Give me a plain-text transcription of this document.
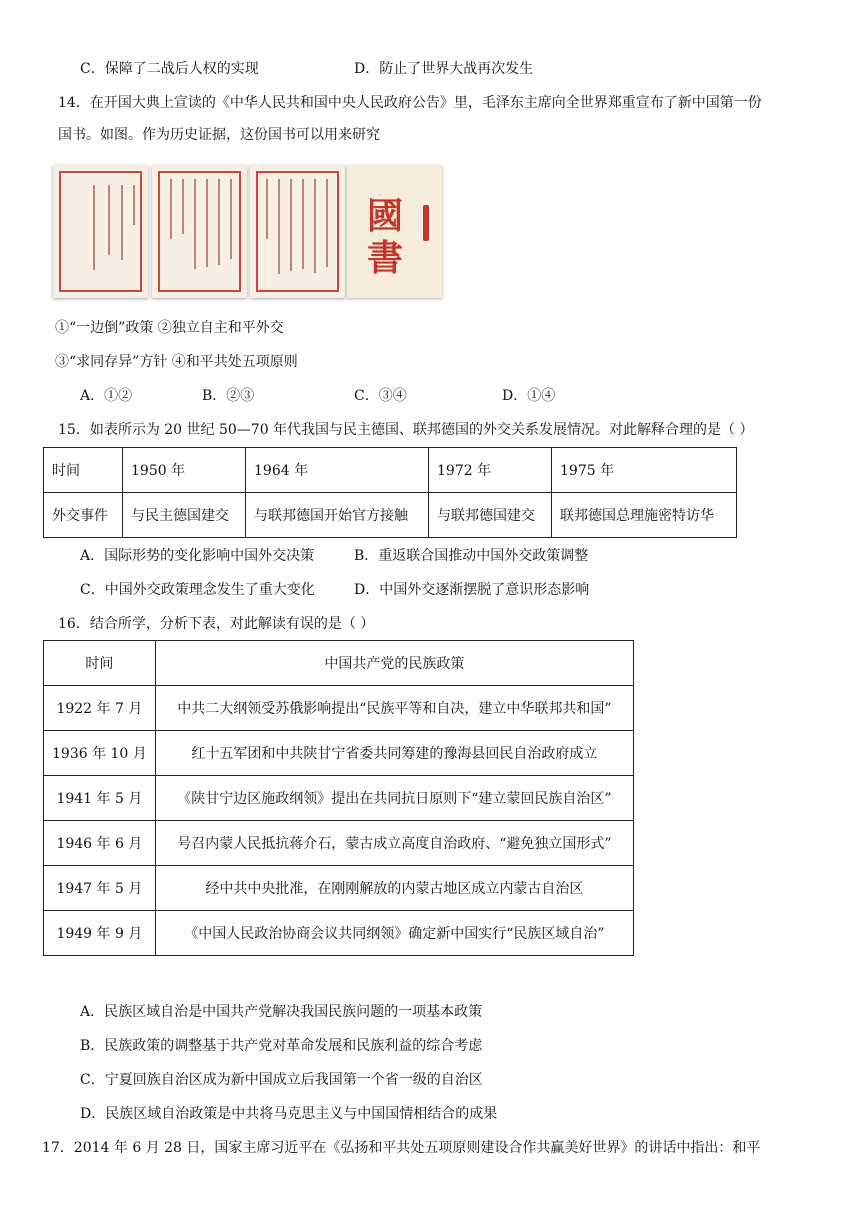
C．保障了二战后人权的实现	D．防止了世界大战再次发生
14．在开国大典上宣读的《中华人民共和国中央人民政府公告》里，毛泽东主席向全世界郑重宣布了新中国第一份
国书。如图。作为历史证据，这份国书可以用来研究
國書
①“一边倒”政策 ②独立自主和平外交
③“求同存异”方针 ④和平共处五项原则
A．①②	B．②③	C．③④	D．①④
15．如表所示为 20 世纪 50—70 年代我国与民主德国、联邦德国的外交关系发展情况。对此解释合理的是（ ）
时间	1950 年	1964 年	1972 年	1975 年
外交事件	与民主德国建交	与联邦德国开始官方接触	与联邦德国建交	联邦德国总理施密特访华
A．国际形势的变化影响中国外交决策	B．重返联合国推动中国外交政策调整
C．中国外交政策理念发生了重大变化	D．中国外交逐渐摆脱了意识形态影响
16．结合所学，分析下表，对此解读有误的是（ ）
时间	中国共产党的民族政策
1922 年 7 月	中共二大纲领受苏俄影响提出“民族平等和自决，建立中华联邦共和国”
1936 年 10 月	红十五军团和中共陕甘宁省委共同筹建的豫海县回民自治政府成立
1941 年 5 月	《陕甘宁边区施政纲领》提出在共同抗日原则下“建立蒙回民族自治区”
1946 年 6 月	号召内蒙人民抵抗蒋介石，蒙古成立高度自治政府、“避免独立国形式”
1947 年 5 月	经中共中央批准，在刚刚解放的内蒙古地区成立内蒙古自治区
1949 年 9 月	《中国人民政治协商会议共同纲领》确定新中国实行“民族区域自治”
A．民族区域自治是中国共产党解决我国民族问题的一项基本政策
B．民族政策的调整基于共产党对革命发展和民族利益的综合考虑
C．宁夏回族自治区成为新中国成立后我国第一个省一级的自治区
D．民族区域自治政策是中共将马克思主义与中国国情相结合的成果
17．2014 年 6 月 28 日，国家主席习近平在《弘扬和平共处五项原则建设合作共赢美好世界》的讲话中指出：和平
